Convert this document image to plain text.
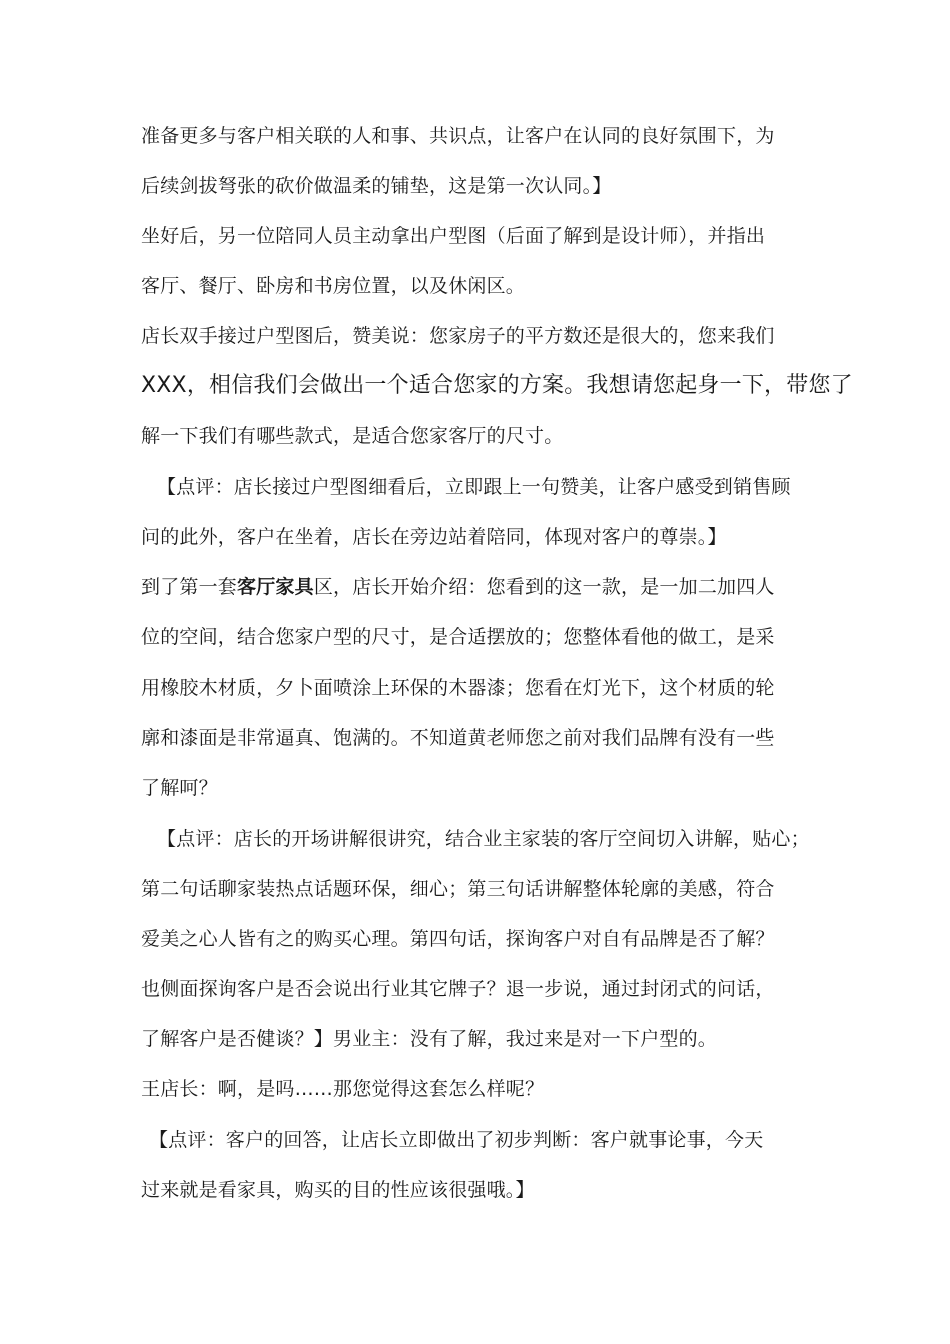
准备更多与客户相关联的人和事、共识点，让客户在认同的良好氛围下，为
后续剑拔弩张的砍价做温柔的铺垫，这是第一次认同。】
坐好后，另一位陪同人员主动拿出户型图（后面了解到是设计师），并指出
客厅、餐厅、卧房和书房位置，以及休闲区。
店长双手接过户型图后，赞美说：您家房子的平方数还是很大的，您来我们
XXX，相信我们会做出一个适合您家的方案。我想请您起身一下，带您了
解一下我们有哪些款式，是适合您家客厅的尺寸。
【点评：店长接过户型图细看后，立即跟上一句赞美，让客户感受到销售顾
问的此外，客户在坐着，店长在旁边站着陪同，体现对客户的尊崇。】
到了第一套客厅家具区，店长开始介绍：您看到的这一款，是一加二加四人
位的空间，结合您家户型的尺寸，是合适摆放的；您整体看他的做工，是采
用橡胶木材质，夕卜面喷涂上环保的木器漆；您看在灯光下，这个材质的轮
廓和漆面是非常逼真、饱满的。不知道黄老师您之前对我们品牌有没有一些
了解呵？
【点评：店长的开场讲解很讲究，结合业主家装的客厅空间切入讲解，贴心；
第二句话聊家装热点话题环保，细心；第三句话讲解整体轮廓的美感，符合
爱美之心人皆有之的购买心理。第四句话，探询客户对自有品牌是否了解？
也侧面探询客户是否会说出行业其它牌子？退一步说，通过封闭式的问话，
了解客户是否健谈？】男业主：没有了解，我过来是对一下户型的。
王店长：啊，是吗……那您觉得这套怎么样呢？
【点评：客户的回答，让店长立即做出了初步判断：客户就事论事，今天
过来就是看家具，购买的目的性应该很强哦。】
